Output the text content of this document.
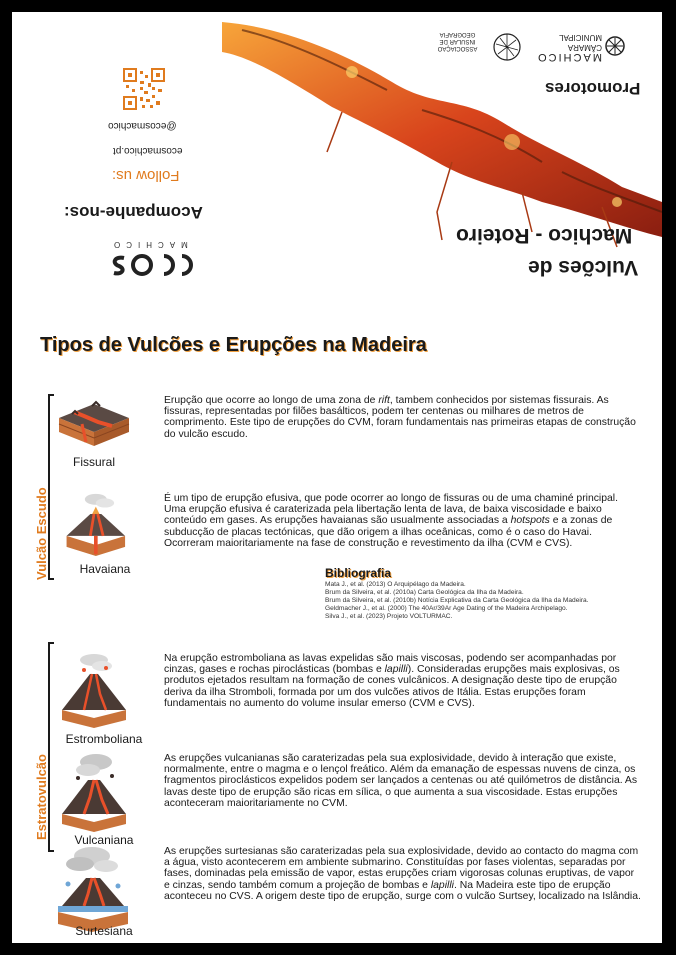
Vulcões de
Machico - Roteiro
Promotores
MACHICO
CÂMARA MUNICIPAL
ASSOCIAÇÃO INSULAR DE GEOGRAFIA
@ecosmachico
ecosmachico.pt
Follow us:
Acompanhe-nos:
MACHICO
Tipos de Vulcões e Erupções na Madeira
Vulcão Escudo
Estratovulcão
Fissural
Havaiana
Estromboliana
Vulcaniana
Surtesiana
Erupção que ocorre ao longo de uma zona de rift, tambem conhecidos por sistemas fissurais. As fissuras, representadas por filões basálticos, podem ter centenas ou milhares de metros de comprimento. Este tipo de erupções do CVM, foram fundamentais nas primeiras etapas de construção do vulcão escudo.
É um tipo de erupção efusiva, que pode ocorrer ao longo de fissuras ou de uma chaminé principal. Uma erupção efusiva é caraterizada pela libertação lenta de lava, de baixa viscosidade e baixo conteúdo em gases. As erupções havaianas são usualmente associadas a hotspots e a zonas de subducção de placas tectónicas, que dão origem a ilhas oceânicas, como é o caso do Havai. Ocorreram maioritariamente na fase de construção e revestimento da ilha (CVM e CVS).
Na erupção estromboliana as lavas expelidas são mais viscosas, podendo ser acompanhadas por cinzas, gases e rochas piroclásticas (bombas e lapilli). Consideradas erupções mais explosivas, os produtos ejetados resultam na formação de cones vulcânicos. A designação deste tipo de erupção deriva da ilha Stromboli, formada por um dos vulcões ativos de Itália. Estas erupções foram fundamentais no aumento do volume insular emerso (CVM e CVS).
As erupções vulcanianas são caraterizadas pela sua explosividade, devido à interação que existe, normalmente, entre o magma e o lençol freático. Além da emanação de espessas nuvens de cinza, os fragmentos piroclásticos expelidos podem ser lançados a centenas ou até quilómetros de distância. As lavas deste tipo de erupção são ricas em sílica, o que aumenta a sua viscosidade. Estas erupções aconteceram maioritariamente no CVM.
As erupções surtesianas são caraterizadas pela sua explosividade, devido ao contacto do magma com a água, visto acontecerem em ambiente submarino. Constituídas por fases violentas, separadas por fases, dominadas pela emissão de vapor, estas erupções criam vigorosas colunas eruptivas, de vapor e cinzas, sendo também comum a projeção de bombas e lapilli. Na Madeira este tipo de erupção aconteceu no CVS. A origem deste tipo de erupção, surge com o vulcão Surtsey, localizado na Islândia.
Bibliografia
Mata J., et al. (2013) O Arquipélago da Madeira.
Brum da Silveira, et al. (2010a) Carta Geológica da Ilha da Madeira.
Brum da Silveira, et al. (2010b) Notícia Explicativa da Carta Geológica da Ilha da Madeira.
Geldmacher J., et al. (2000) The 40Ar/39Ar Age Dating of the Madeira Archipelago.
Silva J., et al. (2023) Projeto VOLTURMAC.
